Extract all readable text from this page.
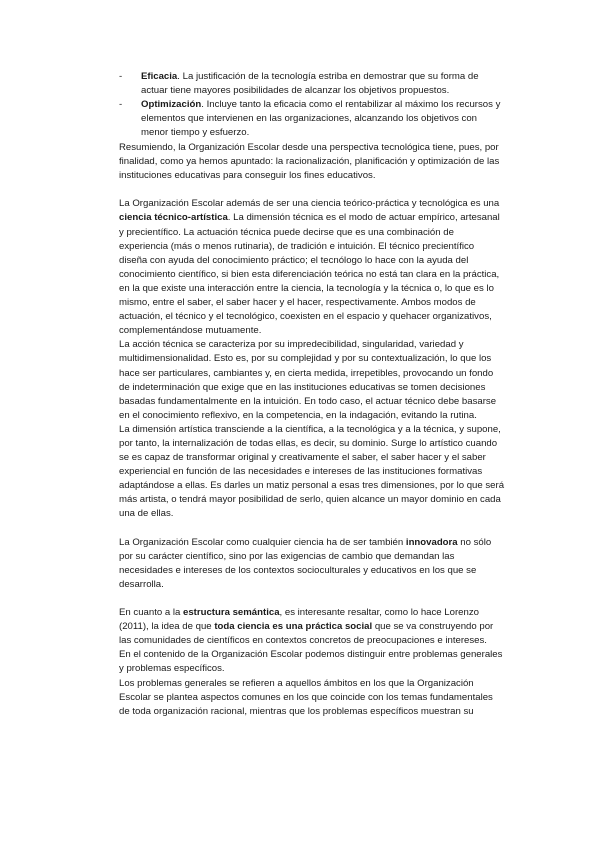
- Eficacia. La justificación de la tecnología estriba en demostrar que su forma de actuar tiene mayores posibilidades de alcanzar los objetivos propuestos.

- Optimización. Incluye tanto la eficacia como el rentabilizar al máximo los recursos y elementos que intervienen en las organizaciones, alcanzando los objetivos con menor tiempo y esfuerzo.

Resumiendo, la Organización Escolar desde una perspectiva tecnológica tiene, pues, por finalidad, como ya hemos apuntado: la racionalización, planificación y optimización de las instituciones educativas para conseguir los fines educativos.

La Organización Escolar además de ser una ciencia teórico-práctica y tecnológica es una ciencia técnico-artística. La dimensión técnica es el modo de actuar empírico, artesanal y precientífico. La actuación técnica puede decirse que es una combinación de experiencia (más o menos rutinaria), de tradición e intuición. El técnico precientífico diseña con ayuda del conocimiento práctico; el tecnólogo lo hace con la ayuda del conocimiento científico, si bien esta diferenciación teórica no está tan clara en la práctica, en la que existe una interacción entre la ciencia, la tecnología y la técnica o, lo que es lo mismo, entre el saber, el saber hacer y el hacer, respectivamente. Ambos modos de actuación, el técnico y el tecnológico, coexisten en el espacio y quehacer organizativos, complementándose mutuamente.

La acción técnica se caracteriza por su impredecibilidad, singularidad, variedad y multidimensionalidad. Esto es, por su complejidad y por su contextualización, lo que los hace ser particulares, cambiantes y, en cierta medida, irrepetibles, provocando un fondo de indeterminación que exige que en las instituciones educativas se tomen decisiones basadas fundamentalmente en la intuición. En todo caso, el actuar técnico debe basarse en el conocimiento reflexivo, en la competencia, en la indagación, evitando la rutina.

La dimensión artística transciende a la científica, a la tecnológica y a la técnica, y supone, por tanto, la internalización de todas ellas, es decir, su dominio. Surge lo artístico cuando se es capaz de transformar original y creativamente el saber, el saber hacer y el saber experiencial en función de las necesidades e intereses de las instituciones formativas adaptándose a ellas. Es darles un matiz personal a esas tres dimensiones, por lo que será más artista, o tendrá mayor posibilidad de serlo, quien alcance un mayor dominio en cada una de ellas.

La Organización Escolar como cualquier ciencia ha de ser también innovadora no sólo por su carácter científico, sino por las exigencias de cambio que demandan las necesidades e intereses de los contextos socioculturales y educativos en los que se desarrolla.

En cuanto a la estructura semántica, es interesante resaltar, como lo hace Lorenzo (2011), la idea de que toda ciencia es una práctica social que se va construyendo por las comunidades de científicos en contextos concretos de preocupaciones e intereses.

En el contenido de la Organización Escolar podemos distinguir entre problemas generales y problemas específicos.

Los problemas generales se refieren a aquellos ámbitos en los que la Organización Escolar se plantea aspectos comunes en los que coincide con los temas fundamentales de toda organización racional, mientras que los problemas específicos muestran su
